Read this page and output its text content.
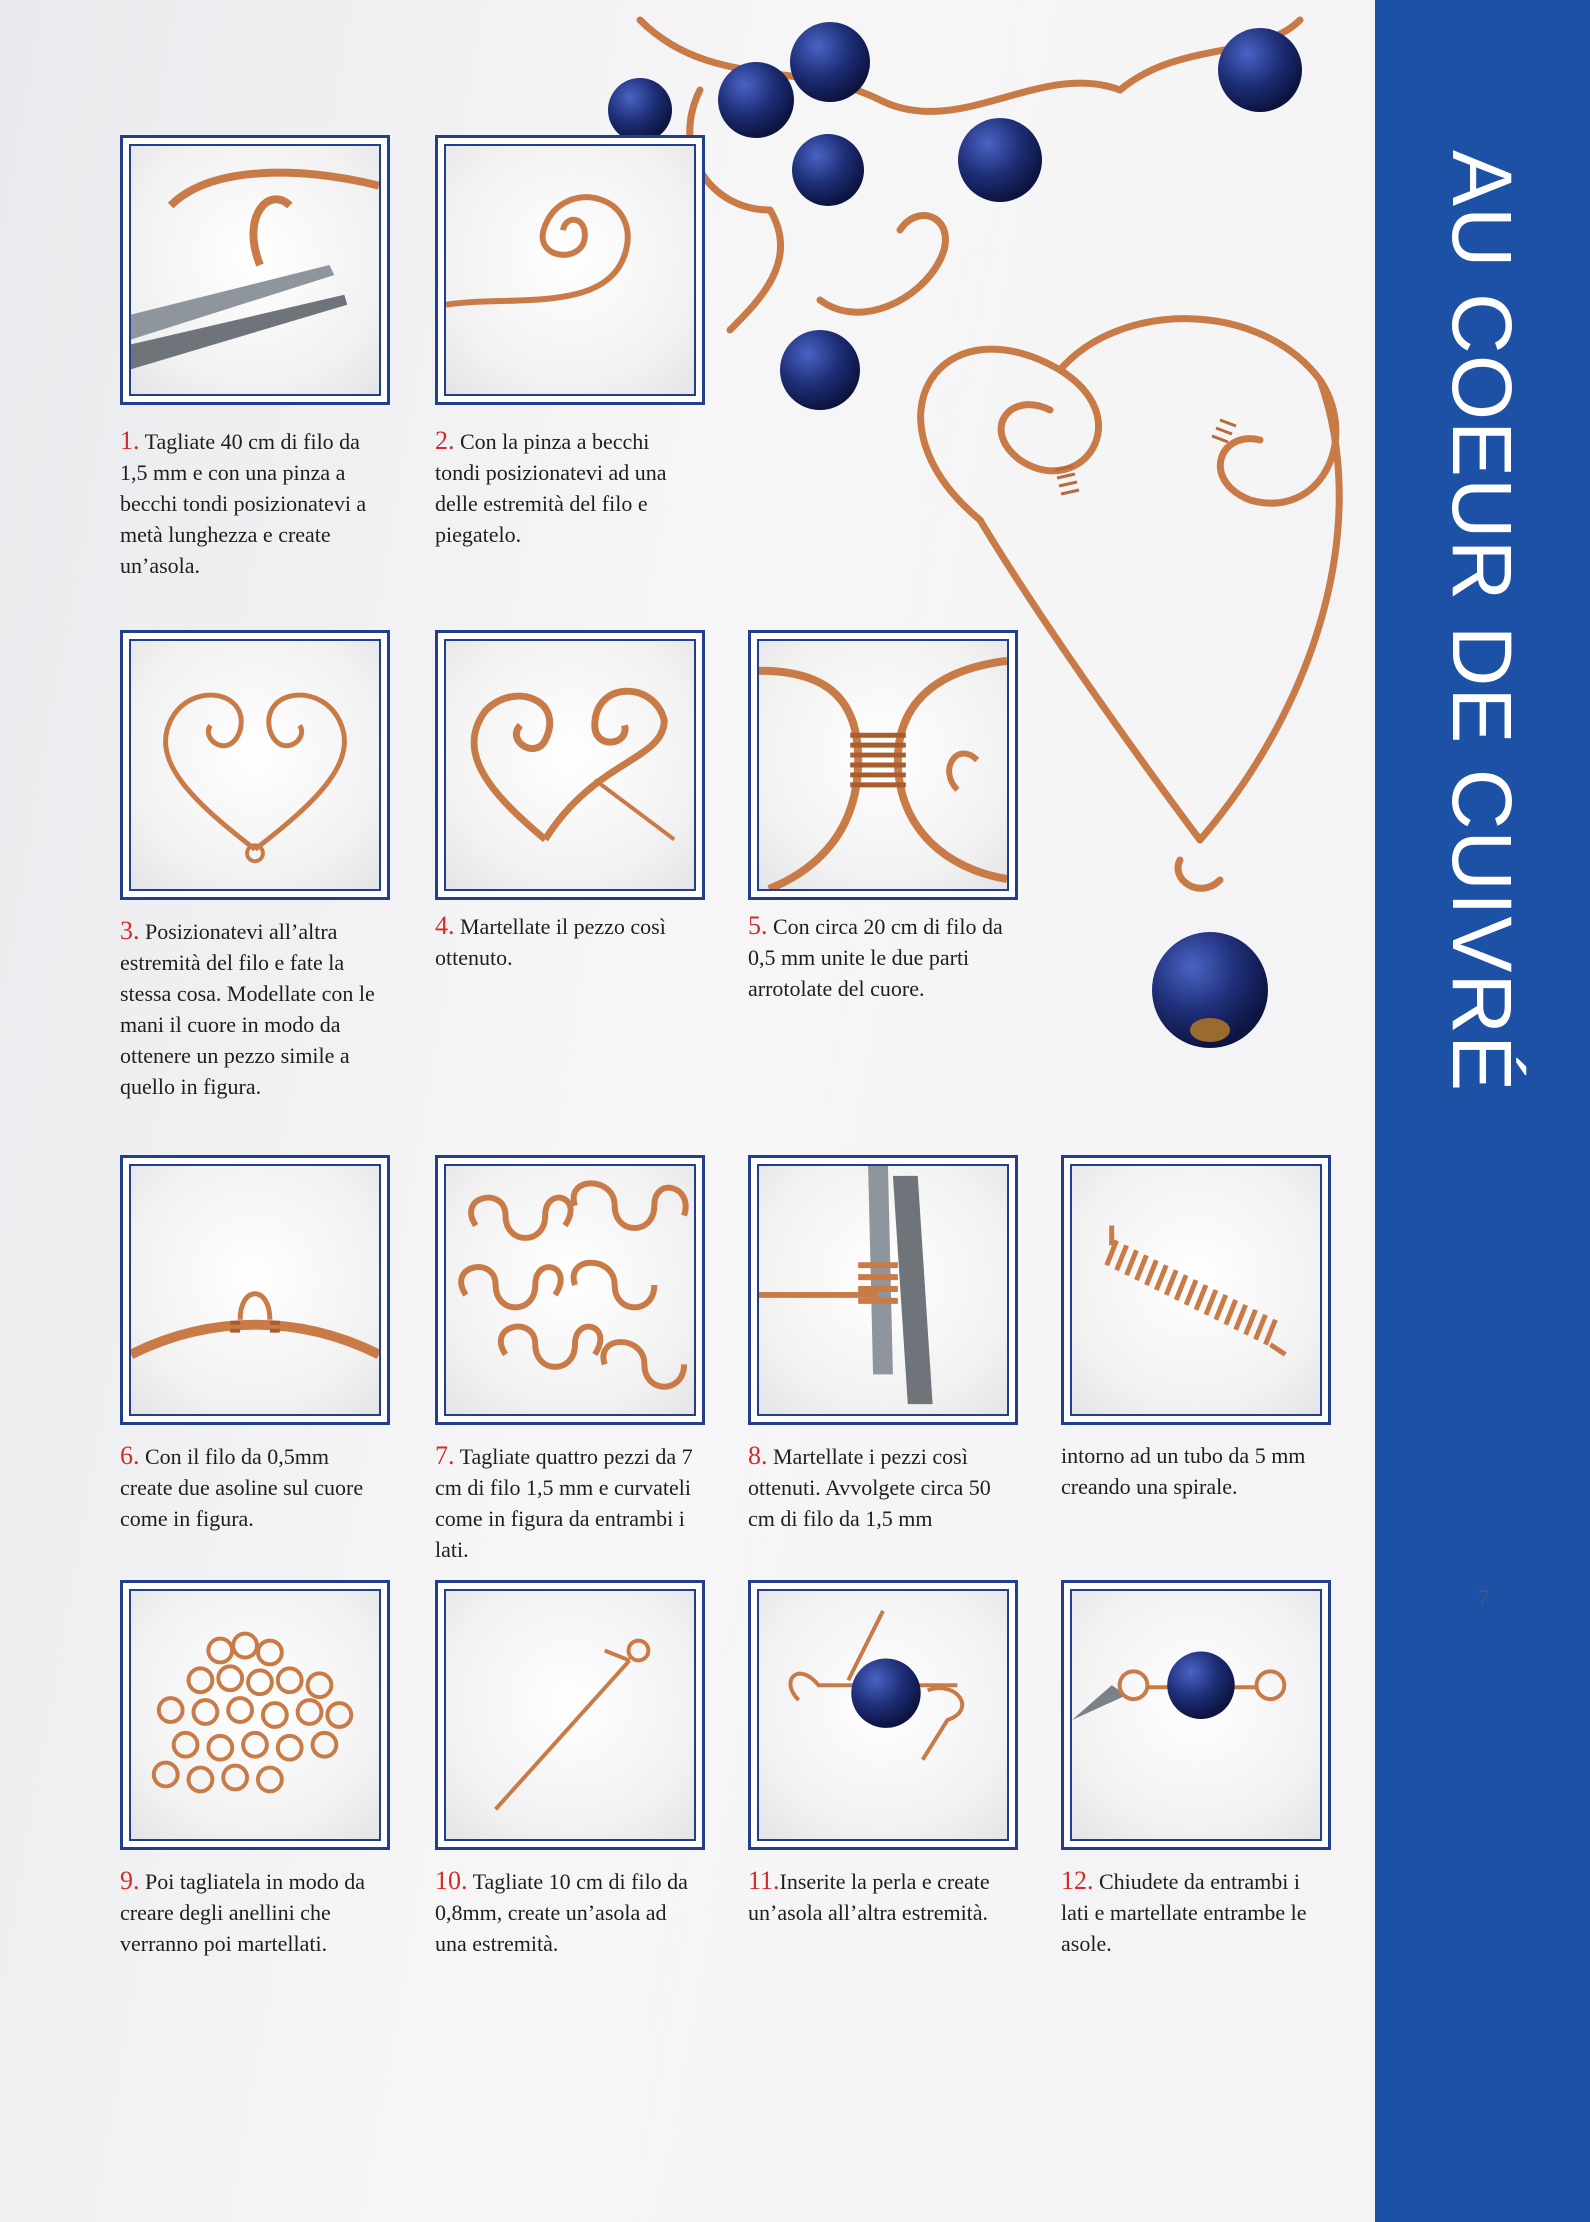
AU COEUR DE CUIVRÉ
7
1. Tagliate 40 cm di filo da 1,5 mm e con una pinza a becchi tondi posizionatevi a metà lunghezza e create un’asola.
2. Con la pinza a becchi tondi posizionatevi ad una delle estremità del filo e piegatelo.
3. Posizionatevi all’altra estremità del filo e fate la stessa cosa. Modellate con le mani il cuore in modo da ottenere un pezzo simile a quello in figura.
4. Martellate il pezzo così ottenuto.
5. Con circa 20 cm di filo da 0,5 mm unite le due parti arrotolate del cuore.
6. Con il filo da 0,5mm create due asoline sul cuore come in figura.
7. Tagliate quattro pezzi da 7 cm di filo 1,5 mm e curvateli come in figura da entrambi i lati.
8. Martellate i pezzi così ottenuti. Avvolgete circa 50 cm di filo da 1,5 mm
intorno ad un tubo da 5 mm creando una spirale.
9. Poi tagliatela in modo da creare degli anellini che verranno poi martellati.
10. Tagliate 10 cm di filo da 0,8mm, create un’asola ad una estremità.
11.Inserite la perla e create un’asola all’altra estremità.
12. Chiudete da entrambi i lati e martellate entrambe le asole.
